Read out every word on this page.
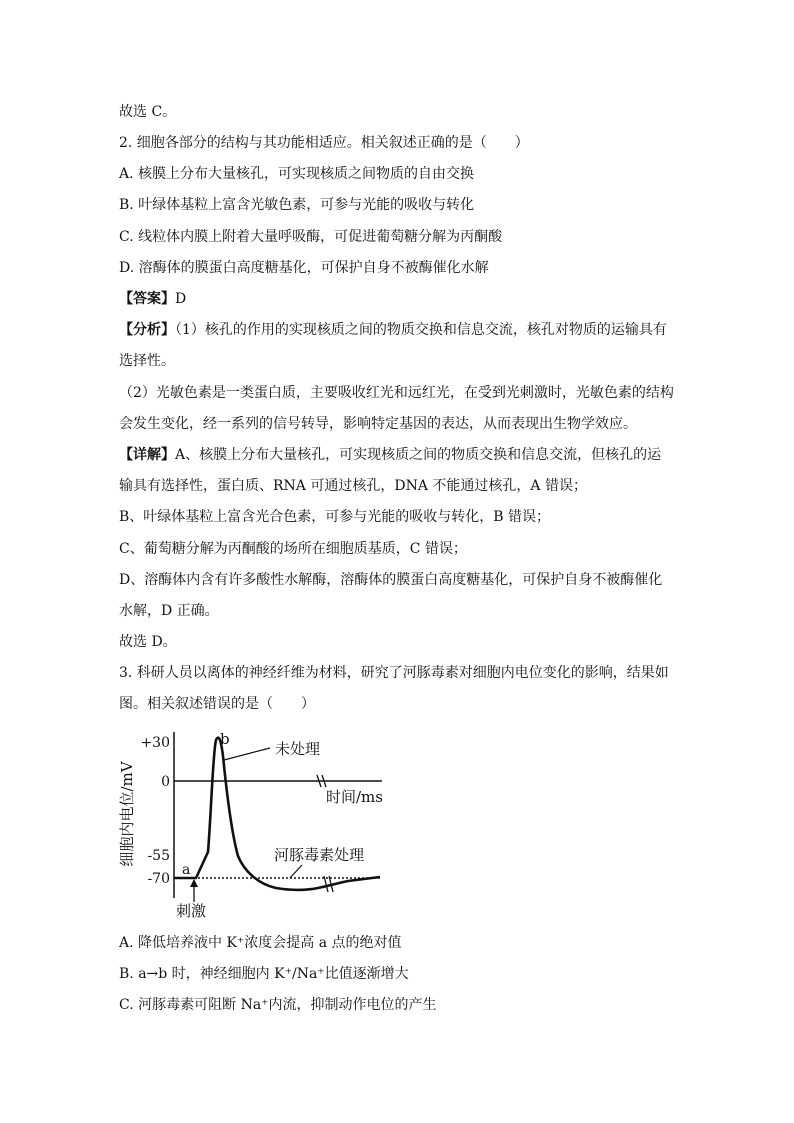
故选 C。
2. 细胞各部分的结构与其功能相适应。相关叙述正确的是（　　）
A. 核膜上分布大量核孔，可实现核质之间物质的自由交换
B. 叶绿体基粒上富含光敏色素，可参与光能的吸收与转化
C. 线粒体内膜上附着大量呼吸酶，可促进葡萄糖分解为丙酮酸
D. 溶酶体的膜蛋白高度糖基化，可保护自身不被酶催化水解
【答案】D
【分析】（1）核孔的作用的实现核质之间的物质交换和信息交流，核孔对物质的运输具有
选择性。
（2）光敏色素是一类蛋白质，主要吸收红光和远红光，在受到光刺激时，光敏色素的结构
会发生变化，经一系列的信号转导，影响特定基因的表达，从而表现出生物学效应。
【详解】A、核膜上分布大量核孔，可实现核质之间的物质交换和信息交流，但核孔的运
输具有选择性，蛋白质、RNA 可通过核孔，DNA 不能通过核孔，A 错误；
B、叶绿体基粒上富含光合色素，可参与光能的吸收与转化，B 错误；
C、葡萄糖分解为丙酮酸的场所在细胞质基质，C 错误；
D、溶酶体内含有许多酸性水解酶，溶酶体的膜蛋白高度糖基化，可保护自身不被酶催化
水解，D 正确。
故选 D。
3. 科研人员以离体的神经纤维为材料，研究了河豚毒素对细胞内电位变化的影响，结果如
图。相关叙述错误的是（　　）
细胞内电位/mV
+30
0
-55
-70
时间/ms
a
b
未处理
河豚毒素处理
刺激
A. 降低培养液中 K⁺浓度会提高 a 点的绝对值
B. a→b 时，神经细胞内 K⁺/Na⁺比值逐渐增大
C. 河豚毒素可阻断 Na⁺内流，抑制动作电位的产生
